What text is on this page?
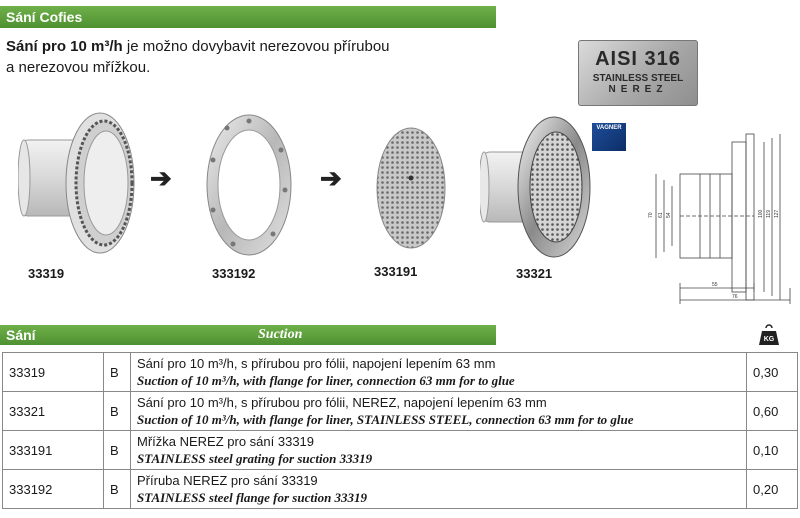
Sání Cofies
Sání pro 10 m³/h je možno dovybavit nerezovou přírubou
a nerezovou mřížkou.	AISI 316
STAINLESS STEEL
NEREZ
VAGNER
33319
➔
333192
➔
333191	33321
70 61 54	100 119 127
55
76
Sání	Suction	KG
33319	B	Sání pro 10 m³/h, s přírubou pro fólii, napojení lepením 63 mm
Suction of 10 m³/h, with flange for liner, connection 63 mm for to glue	0,30
33321	B	Sání pro 10 m³/h, s přírubou pro fólii, NEREZ, napojení lepením 63 mm
Suction of 10 m³/h, with flange for liner, STAINLESS STEEL, connection 63 mm for to glue	0,60
333191	B	Mřížka NEREZ pro sání 33319
STAINLESS steel grating for suction 33319	0,10
333192	B	Příruba NEREZ pro sání 33319
STAINLESS steel flange for suction 33319	0,20
